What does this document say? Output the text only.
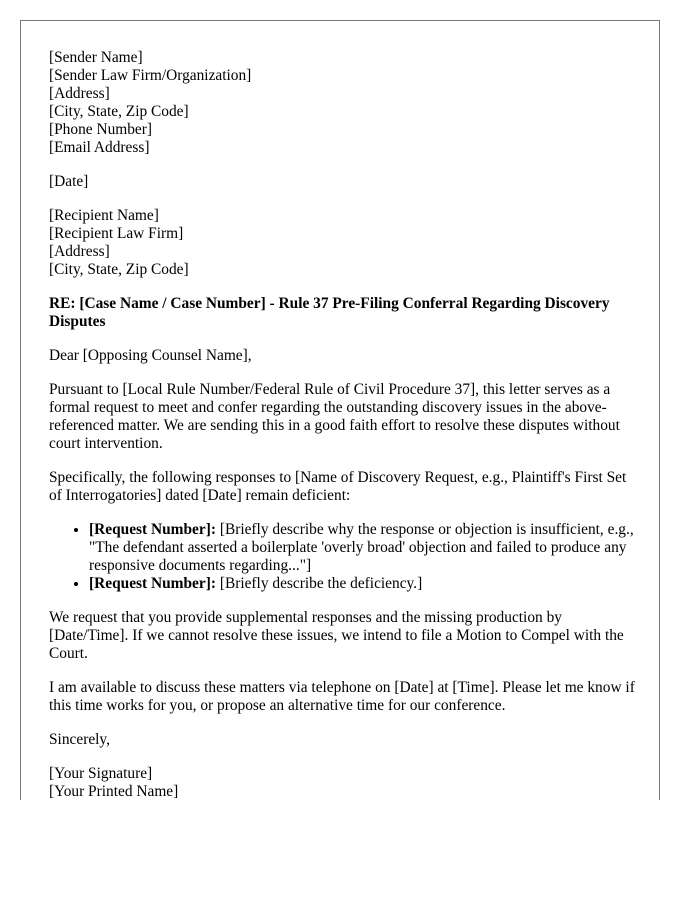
[Sender Name]
[Sender Law Firm/Organization]
[Address]
[City, State, Zip Code]
[Phone Number]
[Email Address]
[Date]
[Recipient Name]
[Recipient Law Firm]
[Address]
[City, State, Zip Code]

RE: [Case Name / Case Number] - Rule 37 Pre-Filing Conferral Regarding Discovery Disputes

Dear [Opposing Counsel Name],

Pursuant to [Local Rule Number/Federal Rule of Civil Procedure 37], this letter serves as a formal request to meet and confer regarding the outstanding discovery issues in the above-referenced matter. We are sending this in a good faith effort to resolve these disputes without court intervention.

Specifically, the following responses to [Name of Discovery Request, e.g., Plaintiff's First Set of Interrogatories] dated [Date] remain deficient:

• [Request Number]: [Briefly describe why the response or objection is insufficient, e.g., "The defendant asserted a boilerplate 'overly broad' objection and failed to produce any responsive documents regarding..."]
• [Request Number]: [Briefly describe the deficiency.]

We request that you provide supplemental responses and the missing production by [Date/Time]. If we cannot resolve these issues, we intend to file a Motion to Compel with the Court.

I am available to discuss these matters via telephone on [Date] at [Time]. Please let me know if this time works for you, or propose an alternative time for our conference.

Sincerely,

[Your Signature]
[Your Printed Name]
